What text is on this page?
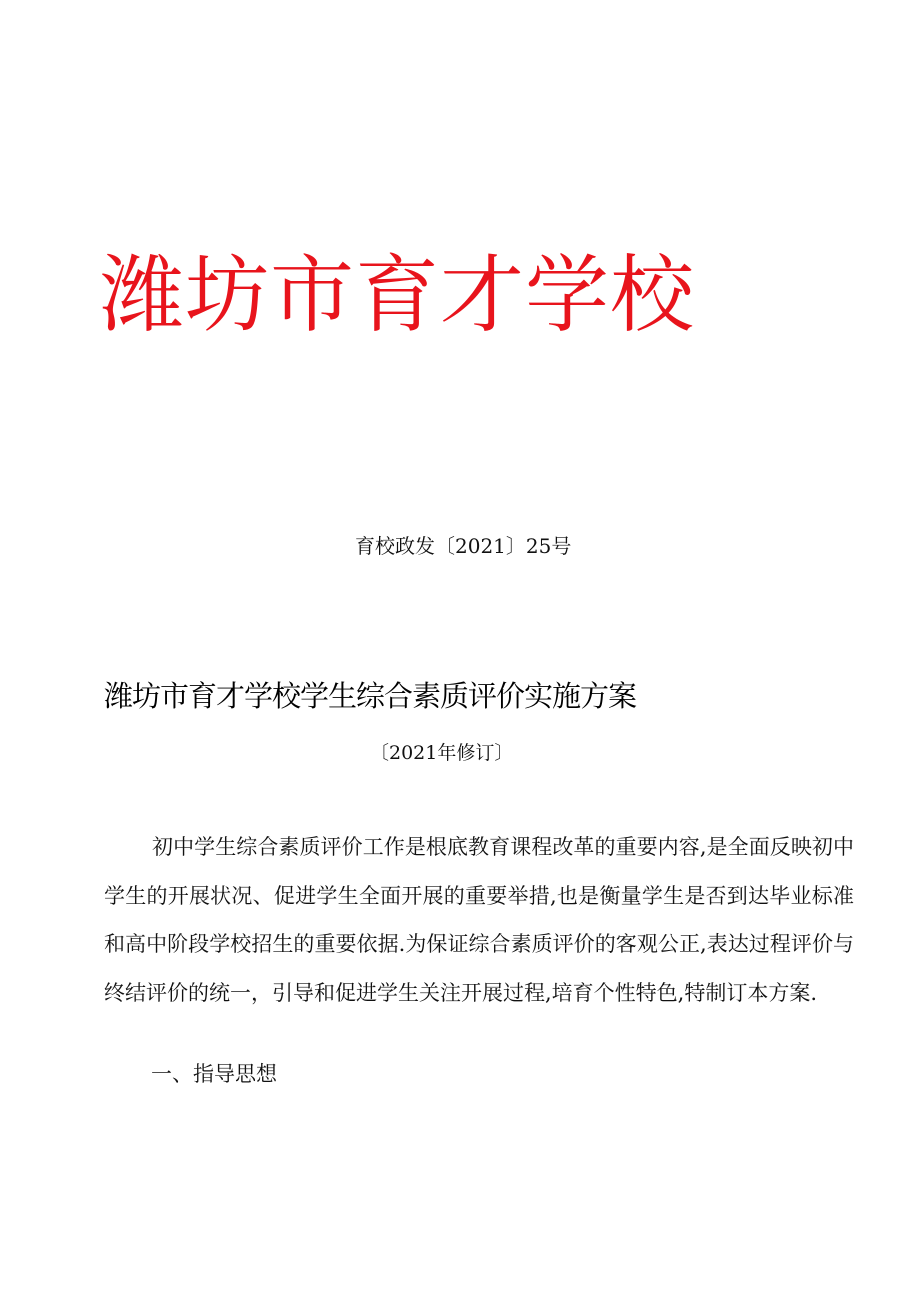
潍坊市育才学校
育校政发〔2021〕25号
潍坊市育才学校学生综合素质评价实施方案
〔2021年修订〕

初中学生综合素质评价工作是根底教育课程改革的重要内容,是全面反映初中学生的开展状况、促进学生全面开展的重要举措,也是衡量学生是否到达毕业标准和高中阶段学校招生的重要依据.为保证综合素质评价的客观公正,表达过程评价与终结评价的统一，引导和促进学生关注开展过程,培育个性特色,特制订本方案.

一、指导思想
